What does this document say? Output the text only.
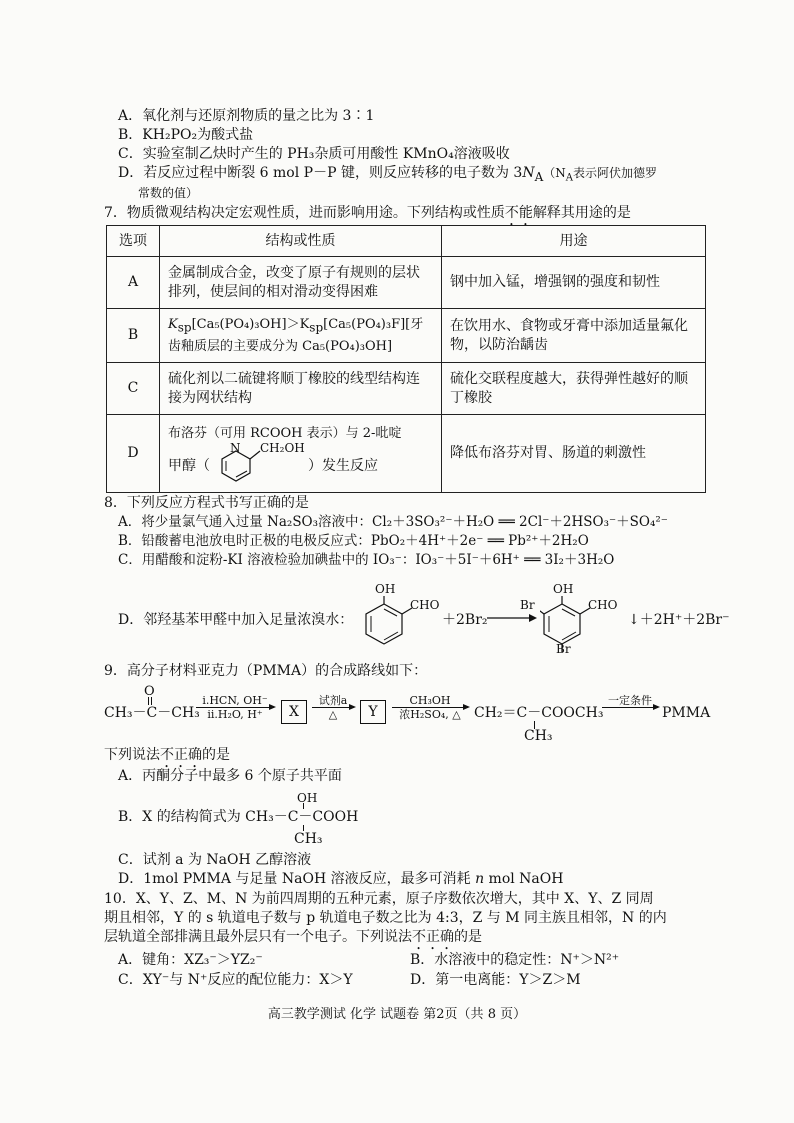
A．氧化剂与还原剂物质的量之比为 3∶1
B．KH₂PO₂为酸式盐
C．实验室制乙炔时产生的 PH₃杂质可用酸性 KMnO₄溶液吸收
D．若反应过程中断裂 6 mol P－P 键，则反应转移的电子数为 $3N_A(N_A$表示阿伏加德罗
常数的值）
7．物质微观结构决定宏观性质，进而影响用途。下列结构或性质不能解释其用途的是
选项	结构或性质	用途
A	金属制成合金，改变了原子有规则的层状排列，使层间的相对滑动变得困难	钢中加入锰，增强钢的强度和韧性
B	$K_{sp}[Ca_5(PO_4)_3OH]>K_{sp}[Ca_5(PO_4)_3F]$[牙齿釉质层的主要成分为 Ca₅(PO₄)₃OH]	在饮用水、食物或牙膏中添加适量氟化物，以防治龋齿
C	硫化剂以二硫键将顺丁橡胶的线型结构连接为网状结构	硫化交联程度越大，获得弹性越好的顺丁橡胶
D	布洛芬（可用 RCOOH 表示）与 2-吡啶
甲醇（
N CH₂OH
）发生反应	降低布洛芬对胃、肠道的刺激性
8．下列反应方程式书写正确的是
A．将少量氯气通入过量 Na₂SO₃溶液中：Cl₂＋3SO₃²⁻＋H₂O ══ 2Cl⁻＋2HSO₃⁻＋SO₄²⁻
B．铅酸蓄电池放电时正极的电极反应式：PbO₂＋4H⁺＋2e⁻ ══ Pb²⁺＋2H₂O
C．用醋酸和淀粉-KI 溶液检验加碘盐中的 IO₃⁻：IO₃⁻＋5I⁻＋6H⁺ ══ 3I₂＋3H₂O
D．邻羟基苯甲醛中加入足量浓溴水：
OH
CHO
＋2Br₂
OH
Br	CHO
Br
↓＋2H⁺＋2Br⁻
9．高分子材料亚克力（PMMA）的合成路线如下：
O
CH₃－C－CH₃
i.HCN, OH⁻
ii.H₂O, H⁺	X
试剂a
△	Y
CH₃OH
浓H₂SO₄, △ CH₂＝C－COOCH₃
CH₃
一定条件
PMMA
下列说法不正确的是
A．丙酮分子中最多 6 个原子共平面
OH
B．X 的结构简式为 CH₃－C－COOH
CH₃
C．试剂 a 为 NaOH 乙醇溶液
D．1mol PMMA 与足量 NaOH 溶液反应，最多可消耗 n mol NaOH
10．X、Y、Z、M、N 为前四周期的五种元素，原子序数依次增大，其中 X、Y、Z 同周
期且相邻，Y 的 s 轨道电子数与 p 轨道电子数之比为 4:3，Z 与 M 同主族且相邻，N 的内
层轨道全部排满且最外层只有一个电子。下列说法不正确的是
A．键角：XZ₃⁻＞YZ₂⁻	B．水溶液中的稳定性：N⁺＞N²⁺
C．XY⁻与 N⁺反应的配位能力：X＞Y	D．第一电离能：Y＞Z＞M
高三教学测试 化学 试题卷 第2页（共 8 页）
